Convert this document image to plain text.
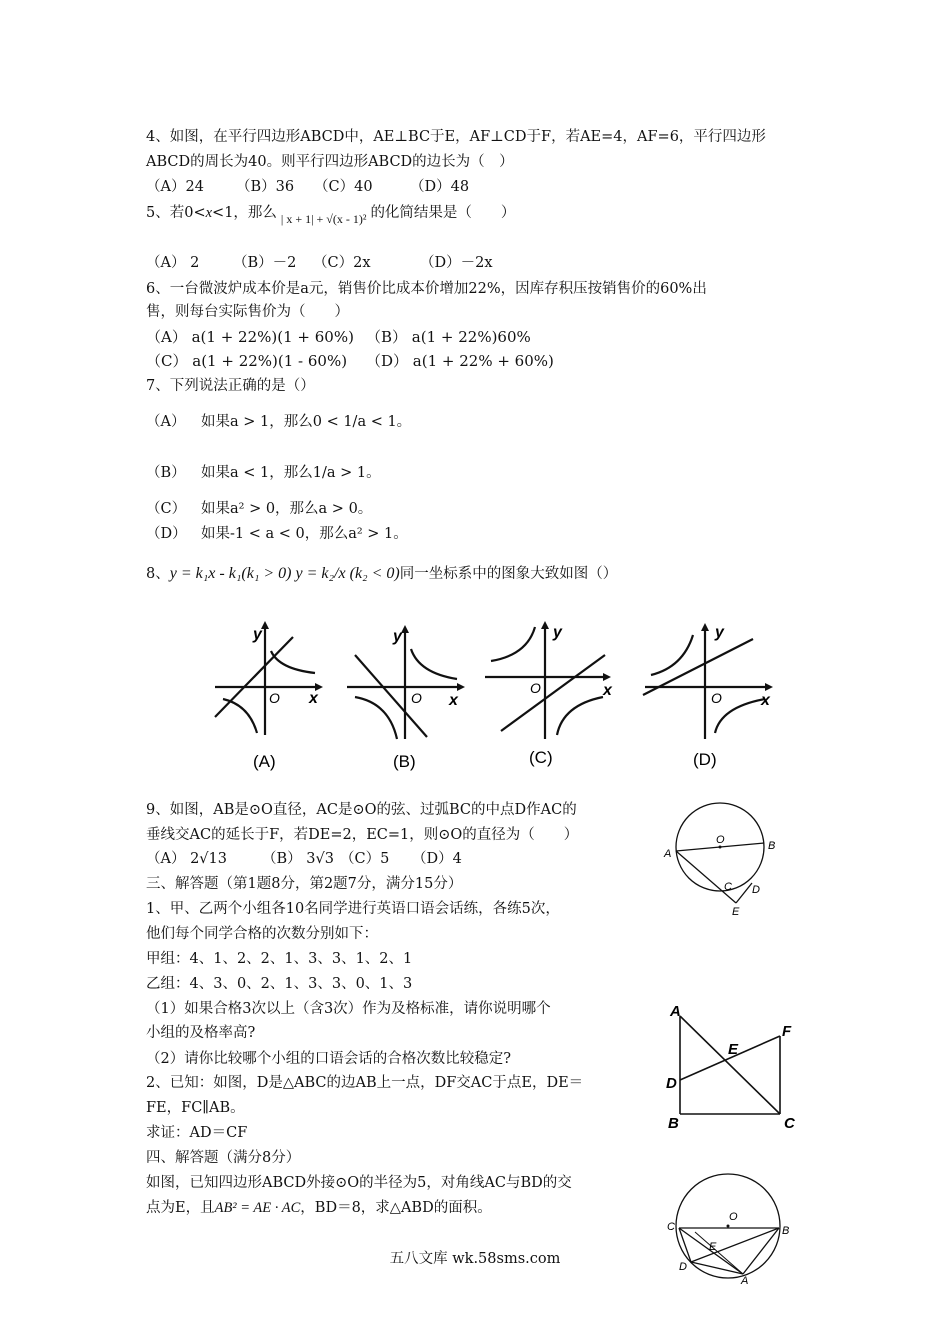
4、如图，在平行四边形ABCD中，AE⊥BC于E，AF⊥CD于F，若AE=4，AF=6，平行四边形
ABCD的周长为40。则平行四边形ABCD的边长为（　）
（A）24 （B）36 （C）40	（D）48
5、若0<x<1，那么 $_{| x + 1| + √(x - 1)^2}$ 的化简结果是（　　）
（A） 2 （B）－2 （C）2x	（D）－2x
6、一台微波炉成本价是a元，销售价比成本价增加22%，因库存积压按销售价的60%出
售，则每台实际售价为（　　）
（A） a(1 + 22%)(1 + 60%) （B） a(1 + 22%)60%
（C） a(1 + 22%)(1 - 60%) （D） a(1 + 22% + 60%)
7、下列说法正确的是（）
（A） 如果a > 1，那么0 < 1/a < 1。
（B） 如果a < 1，那么1/a > 1。
（C） 如果a² > 0，那么a > 0。
（D） 如果-1 < a < 0，那么a² > 1。
8、y = k₁x - k₁(k₁ > 0) y = k₂/x (k₂ < 0)同一坐标系中的图象大致如图（）
y
O x
(A)
y
O x
(B)
y
O	x
(C)
y
O x
(D)
9、如图，AB是⊙O直径，AC是⊙O的弦、过弧BC的中点D作AC的
垂线交AC的延长于F，若DE=2，EC=1，则⊙O的直径为（　　）
（A） 2√13 （B） 3√3 （C）5 （D）4	A
O	B
C D
E
三、解答题（第1题8分，第2题7分，满分15分）
1、甲、乙两个小组各10名同学进行英语口语会话练，各练5次，
他们每个同学合格的次数分别如下：
甲组：4、1、2、2、1、3、3、1、2、1
乙组：4、3、0、2、1、3、3、0、1、3
（1）如果合格3次以上（含3次）作为及格标准，请你说明哪个
小组的及格率高?
（2）请你比较哪个小组的口语会话的合格次数比较稳定?
2、已知：如图，D是△ABC的边AB上一点，DF交AC于点E，DE＝
FE，FC∥AB。
求证：AD＝CF
A
F
E
D
B	C
四、解答题（满分8分）
如图，已知四边形ABCD外接⊙O的半径为5，对角线AC与BD的交
点为E，且AB² = AE · AC，BD＝8，求△ABD的面积。
C
O
B
E
D
A
五八文库 wk.58sms.com
